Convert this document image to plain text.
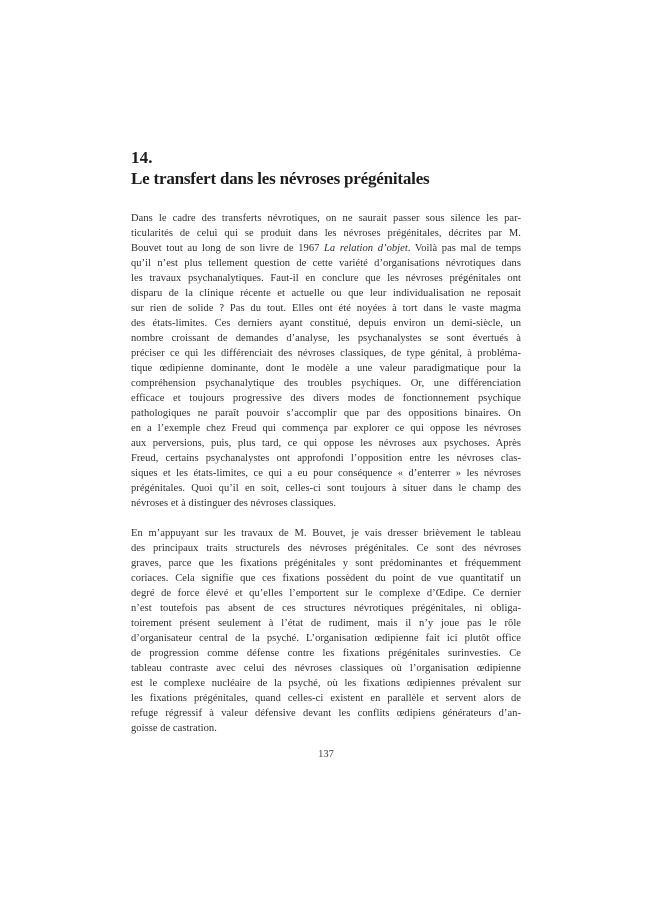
14.
Le transfert dans les névroses prégénitales
Dans le cadre des transferts névrotiques, on ne saurait passer sous silence les par-
ticularités de celui qui se produit dans les névroses prégénitales, décrites par M.
Bouvet tout au long de son livre de 1967 La relation d’objet. Voilà pas mal de temps
qu’il n’est plus tellement question de cette variété d’organisations névrotiques dans
les travaux psychanalytiques. Faut-il en conclure que les névroses prégénitales ont
disparu de la clinique récente et actuelle ou que leur individualisation ne reposait
sur rien de solide ? Pas du tout. Elles ont été noyées à tort dans le vaste magma
des états-limites. Ces derniers ayant constitué, depuis environ un demi-siècle, un
nombre croissant de demandes d’analyse, les psychanalystes se sont évertués à
préciser ce qui les différenciait des névroses classiques, de type génital, à probléma-
tique œdipienne dominante, dont le modèle a une valeur paradigmatique pour la
compréhension psychanalytique des troubles psychiques. Or, une différenciation
efficace et toujours progressive des divers modes de fonctionnement psychique
pathologiques ne paraît pouvoir s’accomplir que par des oppositions binaires. On
en a l’exemple chez Freud qui commença par explorer ce qui oppose les névroses
aux perversions, puis, plus tard, ce qui oppose les névroses aux psychoses. Après
Freud, certains psychanalystes ont approfondi l’opposition entre les névroses clas-
siques et les états-limites, ce qui a eu pour conséquence « d’enterrer » les névroses
prégénitales. Quoi qu’il en soit, celles-ci sont toujours à situer dans le champ des
névroses et à distinguer des névroses classiques.
En m’appuyant sur les travaux de M. Bouvet, je vais dresser brièvement le tableau
des principaux traits structurels des névroses prégénitales. Ce sont des névroses
graves, parce que les fixations prégénitales y sont prédominantes et fréquemment
coriaces. Cela signifie que ces fixations possèdent du point de vue quantitatif un
degré de force élevé et qu’elles l’emportent sur le complexe d’Œdipe. Ce dernier
n’est toutefois pas absent de ces structures névrotiques prégénitales, ni obliga-
toirement présent seulement à l’état de rudiment, mais il n’y joue pas le rôle
d’organisateur central de la psyché. L’organisation œdipienne fait ici plutôt office
de progression comme défense contre les fixations prégénitales surinvesties. Ce
tableau contraste avec celui des névroses classiques où l’organisation œdipienne
est le complexe nucléaire de la psyché, où les fixations œdipiennes prévalent sur
les fixations prégénitales, quand celles-ci existent en parallèle et servent alors de
refuge régressif à valeur défensive devant les conflits œdipiens générateurs d’an-
goisse de castration.
137
